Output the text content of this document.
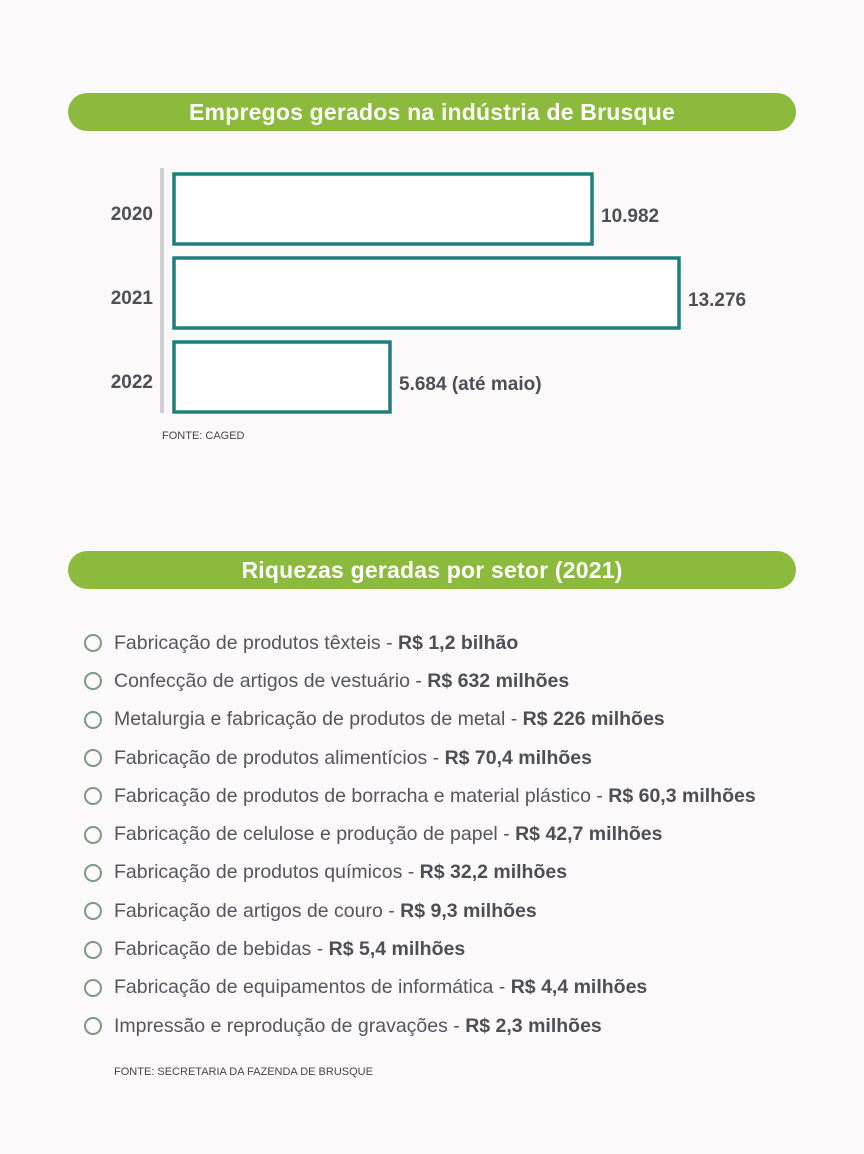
Empregos gerados na indústria de Brusque
2020	10.982
2021	13.276
2022	5.684 (até maio)
FONTE: CAGED
Riquezas geradas por setor (2021)
Fabricação de produtos têxteis - R$ 1,2 bilhão
Confecção de artigos de vestuário - R$ 632 milhões
Metalurgia e fabricação de produtos de metal - R$ 226 milhões
Fabricação de produtos alimentícios - R$ 70,4 milhões
Fabricação de produtos de borracha e material plástico - R$ 60,3 milhões
Fabricação de celulose e produção de papel - R$ 42,7 milhões
Fabricação de produtos químicos - R$ 32,2 milhões
Fabricação de artigos de couro - R$ 9,3 milhões
Fabricação de bebidas - R$ 5,4 milhões
Fabricação de equipamentos de informática - R$ 4,4 milhões
Impressão e reprodução de gravações - R$ 2,3 milhões
FONTE: SECRETARIA DA FAZENDA DE BRUSQUE
